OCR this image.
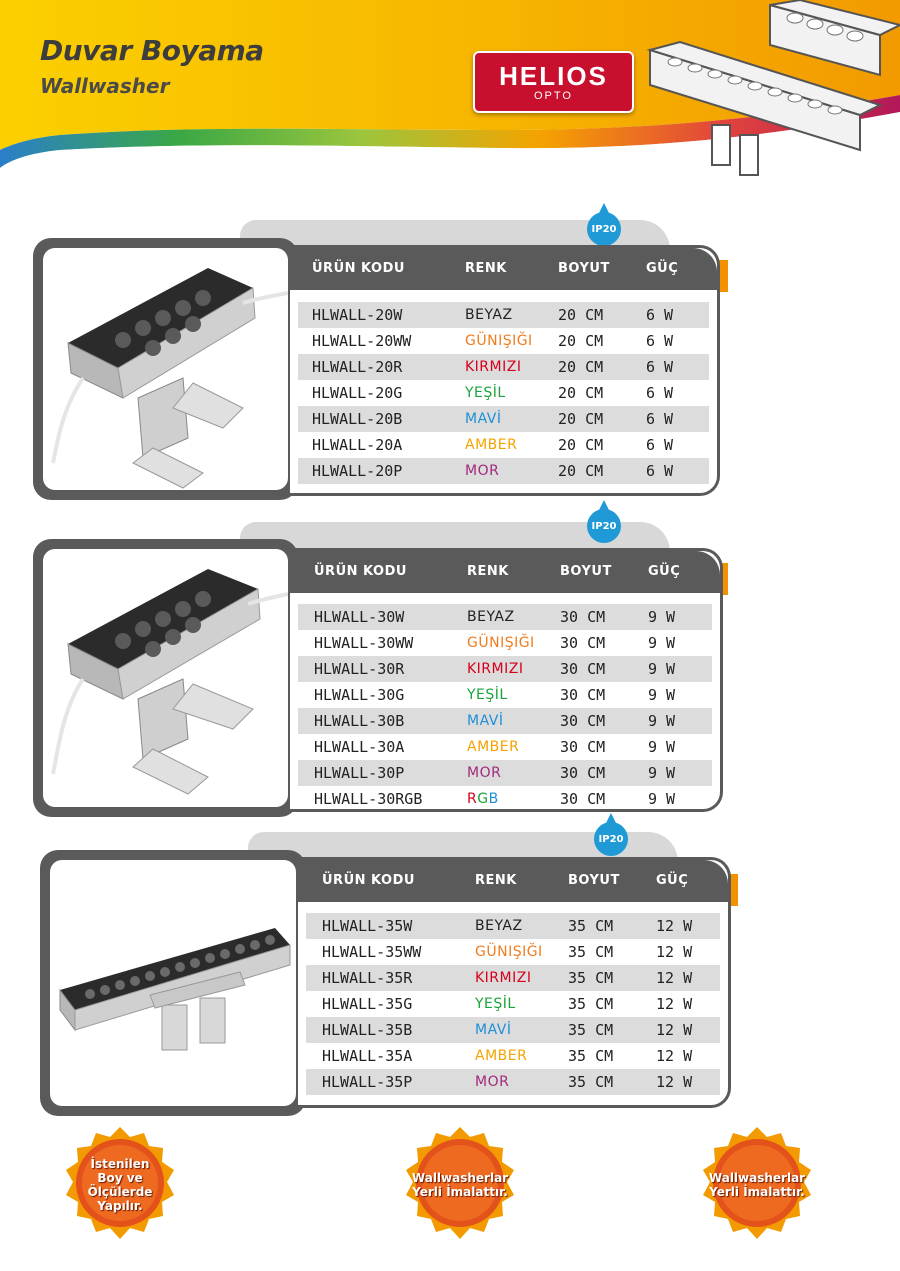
Duvar Boyama
Wallwasher	HELIOS
OPTO
IP20
ÜRÜN KODU	RENK	BOYUT	GÜÇ
HLWALL-20W	BEYAZ	20 CM	6 W
HLWALL-20WW	GÜNIŞIĞI 20 CM	6 W
HLWALL-20R	KIRMIZI 20 CM	6 W
HLWALL-20G	YEŞİL	20 CM	6 W
HLWALL-20B	MAVİ	20 CM	6 W
HLWALL-20A	AMBER	20 CM	6 W
HLWALL-20P	MOR	20 CM	6 W
IP20
ÜRÜN KODU	RENK	BOYUT	GÜÇ
HLWALL-30W	BEYAZ	30 CM	9 W
HLWALL-30WW	GÜNIŞIĞI 30 CM	9 W
HLWALL-30R	KIRMIZI 30 CM	9 W
HLWALL-30G	YEŞİL	30 CM	9 W
HLWALL-30B	MAVİ	30 CM	9 W
HLWALL-30A	AMBER	30 CM	9 W
HLWALL-30P	MOR	30 CM	9 W
HLWALL-30RGB	RGB	30 CM	9 W
IP20
ÜRÜN KODU	RENK	BOYUT	GÜÇ
HLWALL-35W	BEYAZ	35 CM	12 W
HLWALL-35WW	GÜNIŞIĞI 35 CM	12 W
HLWALL-35R	KIRMIZI 35 CM	12 W
HLWALL-35G	YEŞİL	35 CM	12 W
HLWALL-35B	MAVİ	35 CM	12 W
HLWALL-35A	AMBER	35 CM	12 W
HLWALL-35P	MOR	35 CM	12 W
İstenilen Boy ve Ölçülerde Yapılır.
Wallwasherlar Yerli İmalattır.
Wallwasherlar Yerli İmalattır.
